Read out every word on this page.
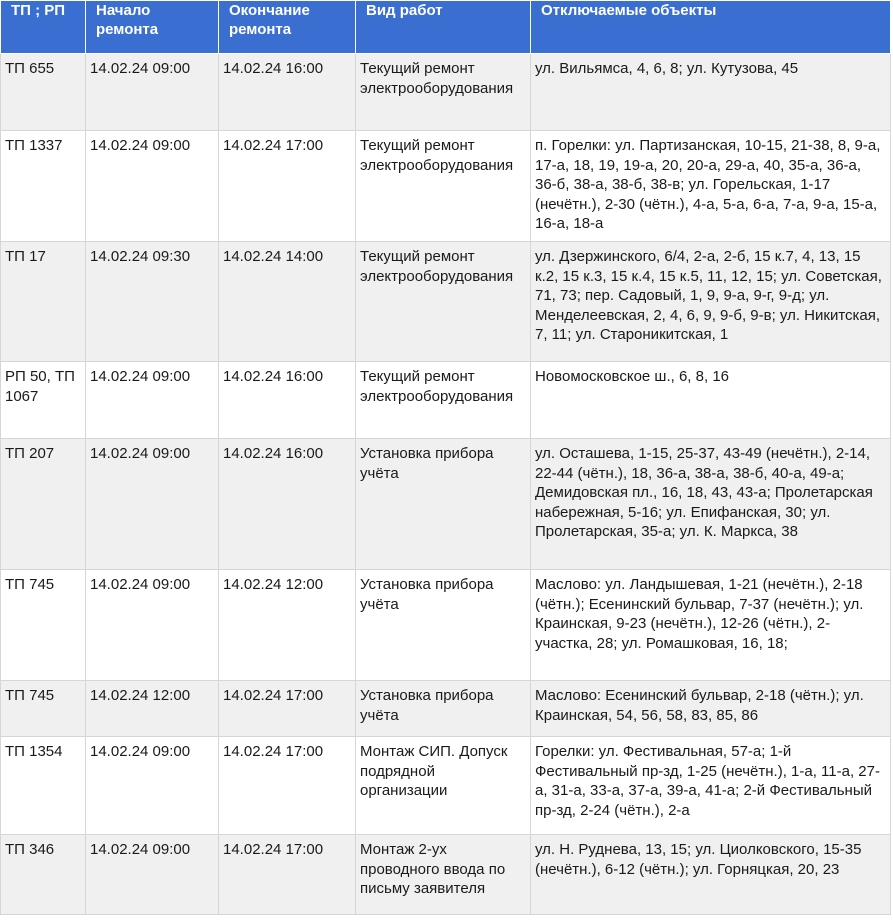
ТП ; РП	Начало ремонта	Окончание ремонта	Вид работ	Отключаемые объекты
ТП 655	14.02.24 09:00	14.02.24 16:00	Текущий ремонт электрооборудования	ул. Вильямса, 4, 6, 8; ул. Кутузова, 45
ТП 1337	14.02.24 09:00	14.02.24 17:00	Текущий ремонт электрооборудования	п. Горелки: ул. Партизанская, 10-15, 21-38, 8, 9-а, 17-а, 18, 19, 19-а, 20, 20-а, 29-а, 40, 35-а, 36-а, 36-б, 38-а, 38-б, 38-в; ул. Горельская, 1-17 (нечётн.), 2-30 (чётн.), 4-а, 5-а, 6-а, 7-а, 9-а, 15-а, 16-а, 18-а
ТП 17	14.02.24 09:30	14.02.24 14:00	Текущий ремонт электрооборудования	ул. Дзержинского, 6/4, 2-а, 2-б, 15 к.7, 4, 13, 15 к.2, 15 к.3, 15 к.4, 15 к.5, 11, 12, 15; ул. Советская, 71, 73; пер. Садовый, 1, 9, 9-а, 9-г, 9-д; ул. Менделеевская, 2, 4, 6, 9, 9-б, 9-в; ул. Никитская, 7, 11; ул. Староникитская, 1
РП 50, ТП 1067	14.02.24 09:00	14.02.24 16:00	Текущий ремонт электрооборудования	Новомосковское ш., 6, 8, 16
ТП 207	14.02.24 09:00	14.02.24 16:00	Установка прибора учёта	ул. Осташева, 1-15, 25-37, 43-49 (нечётн.), 2-14, 22-44 (чётн.), 18, 36-а, 38-а, 38-б, 40-а, 49-а; Демидовская пл., 16, 18, 43, 43-а; Пролетарская набережная, 5-16; ул. Епифанская, 30; ул. Пролетарская, 35-а; ул. К. Маркса, 38
ТП 745	14.02.24 09:00	14.02.24 12:00	Установка прибора учёта	Маслово: ул. Ландышевая, 1-21 (нечётн.), 2-18 (чётн.); Есенинский бульвар, 7-37 (нечётн.); ул. Краинская, 9-23 (нечётн.), 12-26 (чётн.), 2-участка, 28; ул. Ромашковая, 16, 18;
ТП 745	14.02.24 12:00	14.02.24 17:00	Установка прибора учёта	Маслово: Есенинский бульвар, 2-18 (чётн.); ул. Краинская, 54, 56, 58, 83, 85, 86
ТП 1354	14.02.24 09:00	14.02.24 17:00	Монтаж СИП. Допуск подрядной организации	Горелки: ул. Фестивальная, 57-а; 1-й Фестивальный пр-зд, 1-25 (нечётн.), 1-а, 11-а, 27-а, 31-а, 33-а, 37-а, 39-а, 41-а; 2-й Фестивальный пр-зд, 2-24 (чётн.), 2-а
ТП 346	14.02.24 09:00	14.02.24 17:00	Монтаж 2-ух проводного ввода по письму заявителя	ул. Н. Руднева, 13, 15; ул. Циолковского, 15-35 (нечётн.), 6-12 (чётн.); ул. Горняцкая, 20, 23
